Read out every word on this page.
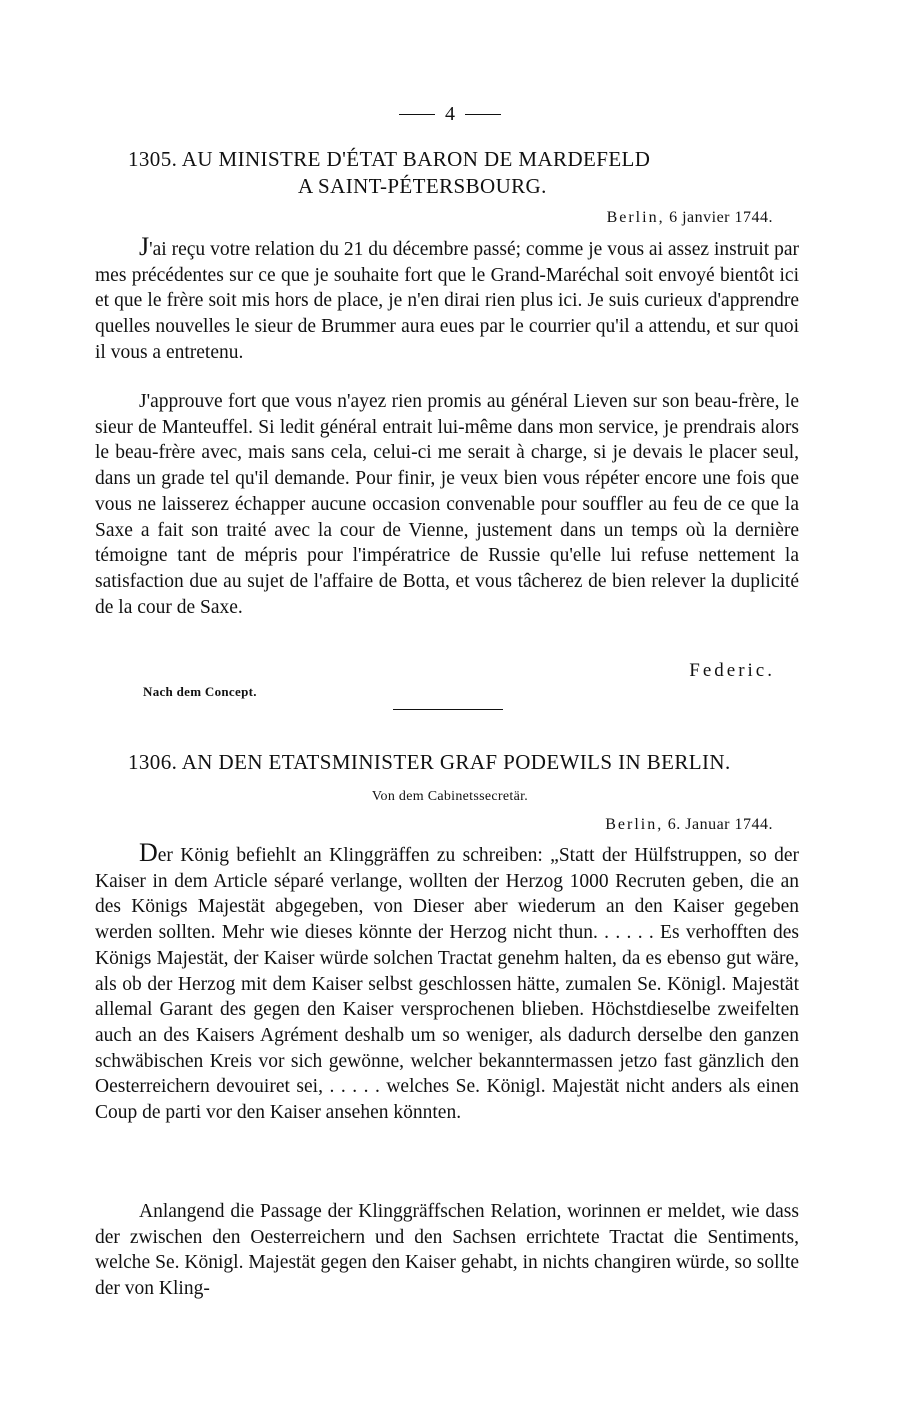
4
1305. AU MINISTRE D'ÉTAT BARON DE MARDEFELD
A SAINT-PÉTERSBOURG.
Berlin, 6 janvier 1744.

J'ai reçu votre relation du 21 du décembre passé; comme je vous ai assez instruit par mes précédentes sur ce que je souhaite fort que le Grand-Maréchal soit envoyé bientôt ici et que le frère soit mis hors de place, je n'en dirai rien plus ici. Je suis curieux d'apprendre quelles nouvelles le sieur de Brummer aura eues par le courrier qu'il a attendu, et sur quoi il vous a entretenu.

J'approuve fort que vous n'ayez rien promis au général Lieven sur son beau-frère, le sieur de Manteuffel. Si ledit général entrait lui-même dans mon service, je prendrais alors le beau-frère avec, mais sans cela, celui-ci me serait à charge, si je devais le placer seul, dans un grade tel qu'il demande. Pour finir, je veux bien vous répéter encore une fois que vous ne laisserez échapper aucune occasion convenable pour souffler au feu de ce que la Saxe a fait son traité avec la cour de Vienne, justement dans un temps où la dernière témoigne tant de mépris pour l'impératrice de Russie qu'elle lui refuse nettement la satisfaction due au sujet de l'affaire de Botta, et vous tâcherez de bien relever la duplicité de la cour de Saxe.

Federic.
Nach dem Concept.
1306. AN DEN ETATSMINISTER GRAF PODEWILS IN BERLIN.
Von dem Cabinetssecretär.
Berlin, 6. Januar 1744.

Der König befiehlt an Klinggräffen zu schreiben: „Statt der Hülfstruppen, so der Kaiser in dem Article séparé verlange, wollten der Herzog 1000 Recruten geben, die an des Königs Majestät abgegeben, von Dieser aber wiederum an den Kaiser gegeben werden sollten. Mehr wie dieses könnte der Herzog nicht thun. . . . . . Es verhofften des Königs Majestät, der Kaiser würde solchen Tractat genehm halten, da es ebenso gut wäre, als ob der Herzog mit dem Kaiser selbst geschlossen hätte, zumalen Se. Königl. Majestät allemal Garant des gegen den Kaiser versprochenen blieben. Höchstdieselbe zweifelten auch an des Kaisers Agrément deshalb um so weniger, als dadurch derselbe den ganzen schwäbischen Kreis vor sich gewönne, welcher bekanntermassen jetzo fast gänzlich den Oesterreichern devouiret sei, . . . . . welches Se. Königl. Majestät nicht anders als einen Coup de parti vor den Kaiser ansehen könnten.

Anlangend die Passage der Klinggräffschen Relation, worinnen er meldet, wie dass der zwischen den Oesterreichern und den Sachsen errichtete Tractat die Sentiments, welche Se. Königl. Majestät gegen den Kaiser gehabt, in nichts changiren würde, so sollte der von Kling-
